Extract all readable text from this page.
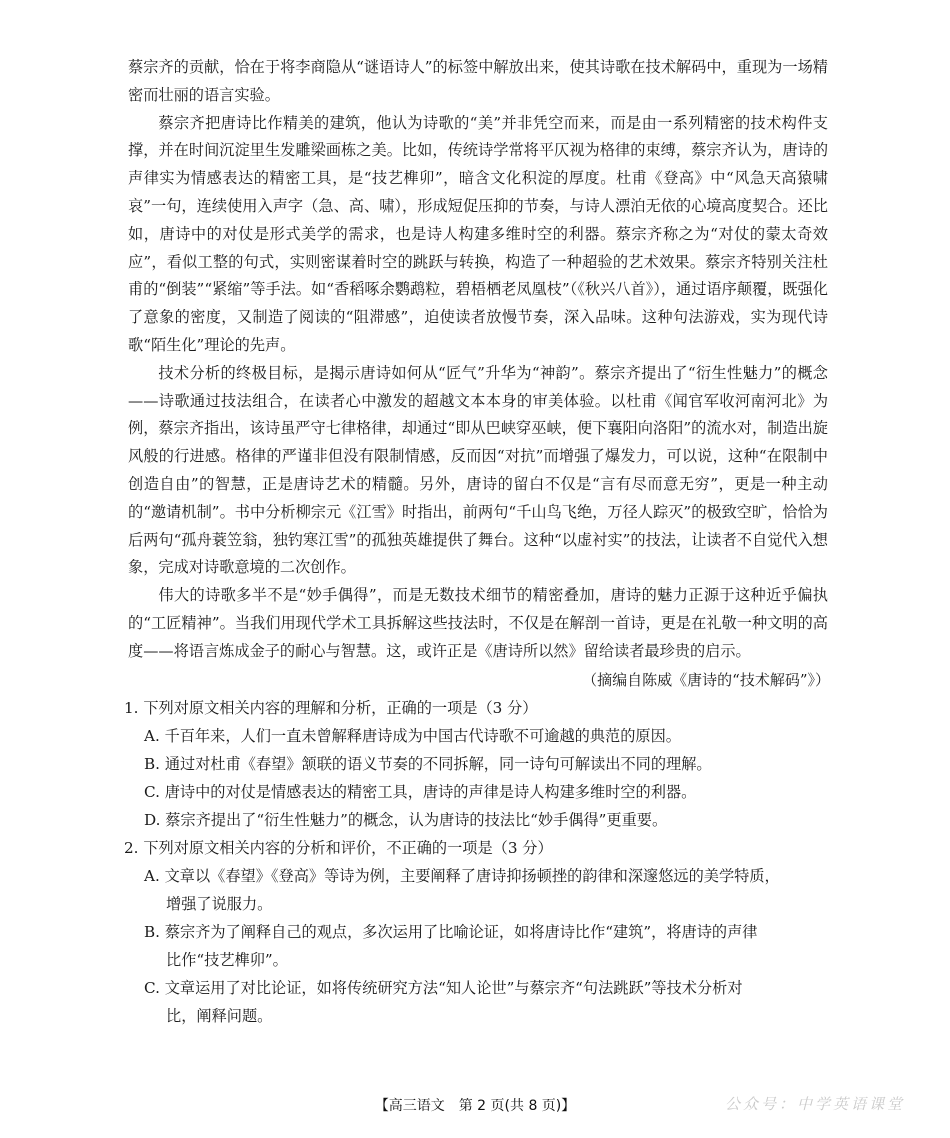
蔡宗齐的贡献，恰在于将李商隐从“谜语诗人”的标签中解放出来，使其诗歌在技术解码中，重现为一场精密而壮丽的语言实验。

蔡宗齐把唐诗比作精美的建筑，他认为诗歌的“美”并非凭空而来，而是由一系列精密的技术构件支撑，并在时间沉淀里生发雕梁画栋之美。比如，传统诗学常将平仄视为格律的束缚，蔡宗齐认为，唐诗的声律实为情感表达的精密工具，是“技艺榫卯”，暗含文化积淀的厚度。杜甫《登高》中“风急天高猿啸哀”一句，连续使用入声字（急、高、啸），形成短促压抑的节奏，与诗人漂泊无依的心境高度契合。还比如，唐诗中的对仗是形式美学的需求，也是诗人构建多维时空的利器。蔡宗齐称之为“对仗的蒙太奇效应”，看似工整的句式，实则密谋着时空的跳跃与转换，构造了一种超验的艺术效果。蔡宗齐特别关注杜甫的“倒装”“紧缩”等手法。如“香稻啄余鹦鹉粒，碧梧栖老凤凰枝”（《秋兴八首》），通过语序颠覆，既强化了意象的密度，又制造了阅读的“阻滞感”，迫使读者放慢节奏，深入品味。这种句法游戏，实为现代诗歌“陌生化”理论的先声。

技术分析的终极目标，是揭示唐诗如何从“匠气”升华为“神韵”。蔡宗齐提出了“衍生性魅力”的概念——诗歌通过技法组合，在读者心中激发的超越文本本身的审美体验。以杜甫《闻官军收河南河北》为例，蔡宗齐指出，该诗虽严守七律格律，却通过“即从巴峡穿巫峡，便下襄阳向洛阳”的流水对，制造出旋风般的行进感。格律的严谨非但没有限制情感，反而因“对抗”而增强了爆发力，可以说，这种“在限制中创造自由”的智慧，正是唐诗艺术的精髓。另外，唐诗的留白不仅是“言有尽而意无穷”，更是一种主动的“邀请机制”。书中分析柳宗元《江雪》时指出，前两句“千山鸟飞绝，万径人踪灭”的极致空旷，恰恰为后两句“孤舟蓑笠翁，独钓寒江雪”的孤独英雄提供了舞台。这种“以虚衬实”的技法，让读者不自觉代入想象，完成对诗歌意境的二次创作。

伟大的诗歌多半不是“妙手偶得”，而是无数技术细节的精密叠加，唐诗的魅力正源于这种近乎偏执的“工匠精神”。当我们用现代学术工具拆解这些技法时，不仅是在解剖一首诗，更是在礼敬一种文明的高度——将语言炼成金子的耐心与智慧。这，或许正是《唐诗所以然》留给读者最珍贵的启示。

（摘编自陈威《唐诗的“技术解码”》）

1. 下列对原文相关内容的理解和分析，正确的一项是（3 分）

A. 千百年来，人们一直未曾解释唐诗成为中国古代诗歌不可逾越的典范的原因。

B. 通过对杜甫《春望》颔联的语义节奏的不同拆解，同一诗句可解读出不同的理解。

C. 唐诗中的对仗是情感表达的精密工具，唐诗的声律是诗人构建多维时空的利器。

D. 蔡宗齐提出了“衍生性魅力”的概念，认为唐诗的技法比“妙手偶得”更重要。

2. 下列对原文相关内容的分析和评价，不正确的一项是（3 分）

A. 文章以《春望》《登高》等诗为例，主要阐释了唐诗抑扬顿挫的韵律和深邃悠远的美学特质，
增强了说服力。
B. 蔡宗齐为了阐释自己的观点，多次运用了比喻论证，如将唐诗比作“建筑”，将唐诗的声律
比作“技艺榫卯”。
C. 文章运用了对比论证，如将传统研究方法“知人论世”与蔡宗齐“句法跳跃”等技术分析对
比，阐释问题。
【高三语文　第 2 页(共 8 页)】	公众号：中学英语课堂
